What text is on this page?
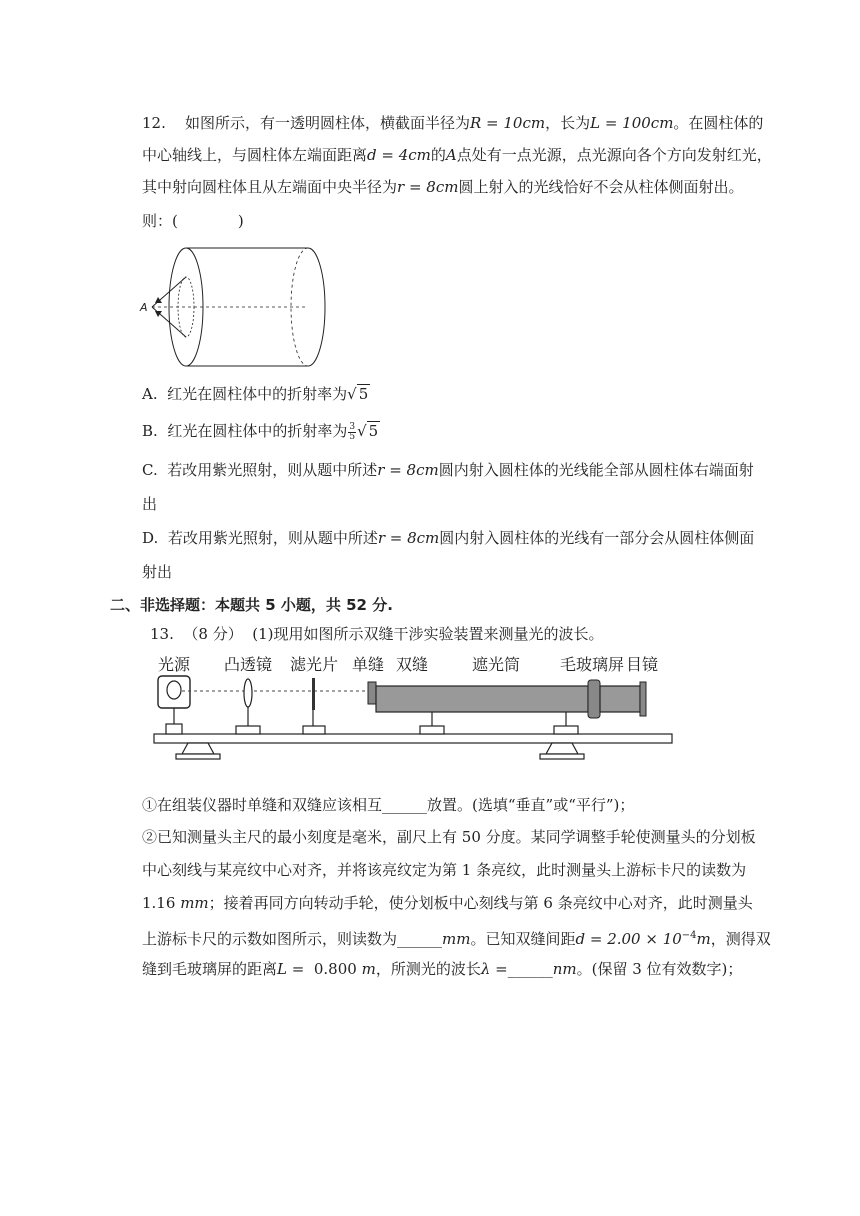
12. 如图所示，有一透明圆柱体，横截面半径为R = 10cm，长为L = 100cm。在圆柱体的
中心轴线上，与圆柱体左端面距离d = 4cm的A点处有一点光源，点光源向各个方向发射红光，
其中射向圆柱体且从左端面中央半径为r = 8cm圆上射入的光线恰好不会从柱体侧面射出。
则：(　　　　)
A
A. 红光在圆柱体中的折射率为√ 5
B. 红光在圆柱体中的折射率为 $\frac{3}{5}$ √ 5
C. 若改用紫光照射，则从题中所述r = 8cm圆内射入圆柱体的光线能全部从圆柱体右端面射
出
D. 若改用紫光照射，则从题中所述r = 8cm圆内射入圆柱体的光线有一部分会从圆柱体侧面
射出
二、非选择题：本题共 5 小题，共 52 分.
13. （8 分） (1)现用如图所示双缝干涉实验装置来测量光的波长。
光源 凸透镜 滤光片 单缝 双缝	遮光筒 毛玻璃屏 目镜
①在组装仪器时单缝和双缝应该相互______放置。(选填“垂直”或“平行”)；
②已知测量头主尺的最小刻度是毫米，副尺上有 50 分度。某同学调整手轮使测量头的分划板
中心刻线与某亮纹中心对齐，并将该亮纹定为第 1 条亮纹，此时测量头上游标卡尺的读数为
1.16 mm；接着再同方向转动手轮，使分划板中心刻线与第 6 条亮纹中心对齐，此时测量头
上游标卡尺的示数如图所示，则读数为______mm。已知双缝间距$d = 2.00 \times 10^{-4}m$，测得双
缝到毛玻璃屏的距离L =  0.800 m，所测光的波长λ =______nm。(保留 3 位有效数字)；
